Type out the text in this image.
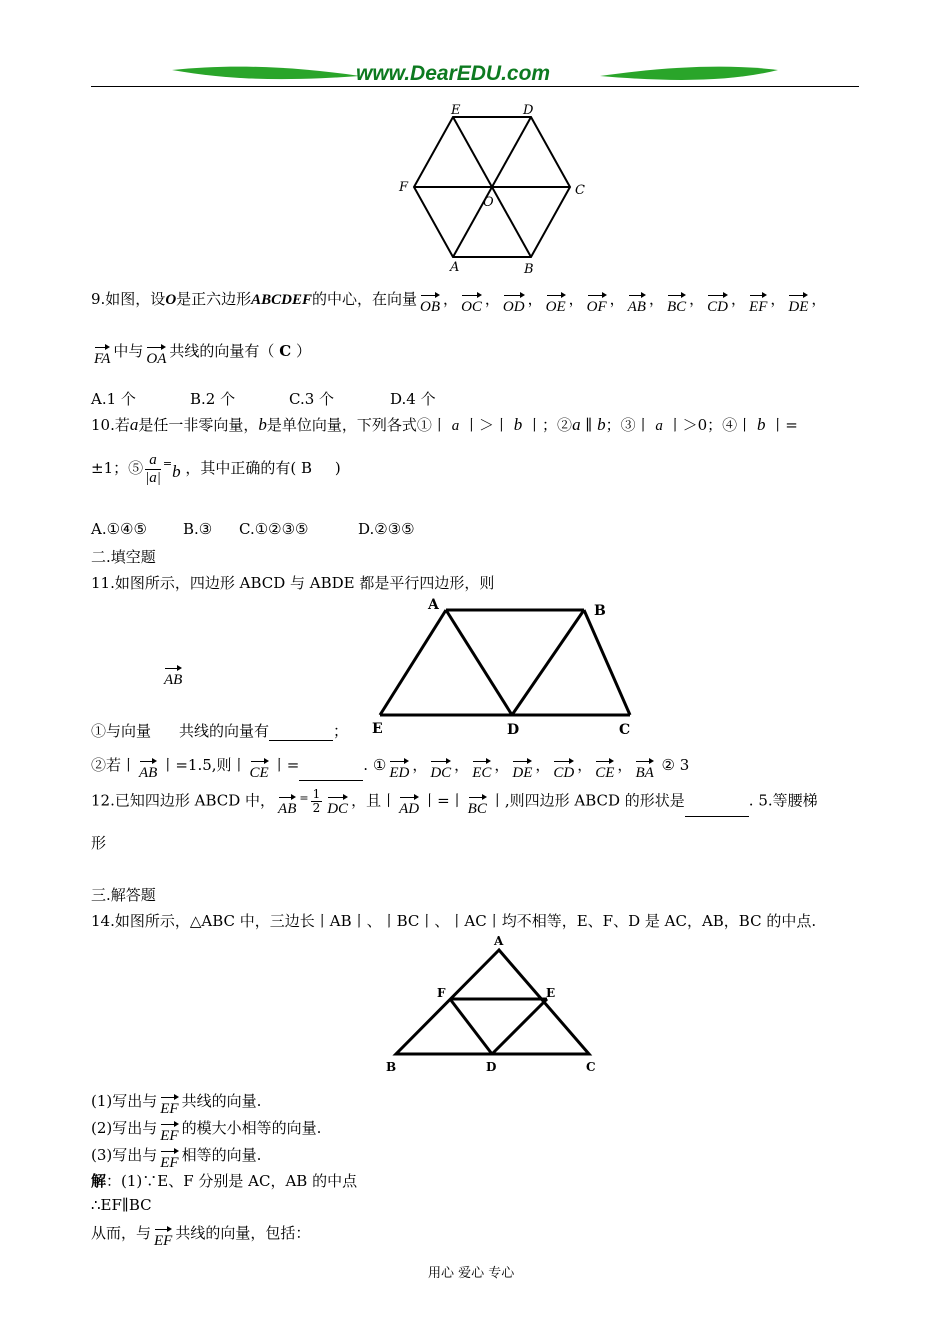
www.DearEDU.com
E	D
F	C
O
A	B
9.如图，设O是正六边形ABCDEF的中心，在向量 OB ， OC ， OD ， OE ， OF ， AB ， BC ， CD ， EF ， DE ，
FA 中与 OA 共线的向量有（ C ）
A.1 个	B.2 个	C.3 个	D.4 个
10.若a是任一非零向量，b是单位向量，下列各式①丨 a 丨＞丨 b 丨；②a ∥ b；③丨 a 丨＞0；④丨 b 丨=
±1；⑤ $\frac{a}{|a|} ^=b$ ，其中正确的有( B )
A.①④⑤ B.③ C.①②③⑤	D.②③⑤
二.填空题
11.如图所示，四边形 ABCD 与 ABDE 都是平行四边形，则
A	B
E	D	C
AB
①与向量 共线的向量有	；
②若丨 AB 丨=1.5,则丨 CE 丨=	. ① ED ， DC ， EC ， DE ， CD ， CE ， BA ② 3
12.已知四边形 ABCD 中， $AB^= \frac{1}{2}$ DC ，且丨 AD 丨=丨 BC 丨,则四边形 ABCD 的形状是	. 5.等腰梯
形
三.解答题
14.如图所示，△ABC 中，三边长丨AB丨、丨BC丨、丨AC丨均不相等，E、F、D 是 AC，AB，BC 的中点.
A
F	E
B	D	C
(1)写出与 EF 共线的向量.
(2)写出与 EF 的模大小相等的向量.
(3)写出与 EF 相等的向量.
解：(1)∵E、F 分别是 AC，AB 的中点
∴EF∥BC
从而，与 EF 共线的向量，包括：
用心 爱心 专心
